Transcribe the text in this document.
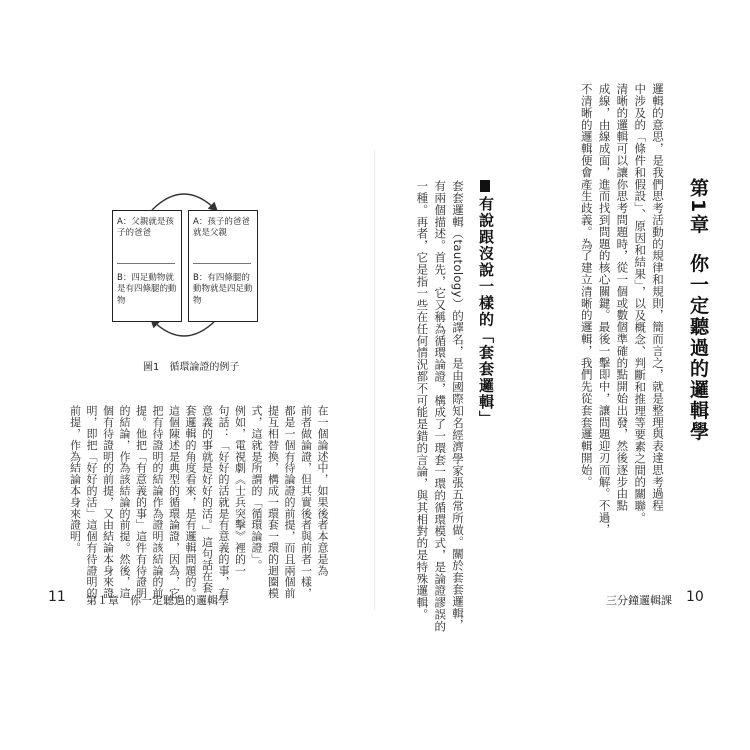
第1章你一定聽過的邏輯學
邏輯的意思，是我們思考活動的規律和規則，簡而言之，就是整理與表達思考過程
中涉及的「條件和假設」、原因和結果」，以及概念、判斷和推理等要素之間的關聯。
清晰的邏輯可以讓你思考問題時，從一個或數個準確的點開始出發，然後逐步由點
成線，由線成面，進而找到問題的核心關鍵。最後一擊即中，讓問題迎刃而解。不過，
不清晰的邏輯便會產生歧義。為了建立清晰的邏輯，我們先從套套邏輯開始。
有說跟沒說一樣的「套套邏輯」
套套邏輯（tautology）的譯名，是由國際知名經濟學家張五常所做。關於套套邏輯，
有兩個描述。首先，它又稱為循環論證，構成了一環套一環的循環模式，是論證謬誤的
一種。再者，它是指一些在任何情況都不可能是錯的言論，與其相對的是特殊邏輯。	三分鐘邏輯課 10
A：父親就是孩子的爸爸
B：四足動物就是有四條腿的動物
A：孩子的爸爸就是父親
B：有四條腿的動物就是四足動物
圖1　循環論證的例子
在一個論述中，如果後者本意是為
前者做論證，但其實後者與前者一樣，
都是一個有待論證的前提，而且兩個前
提互相替換，構成一環套一環的迴圈模
式，這就是所謂的「循環論證」。
例如，電視劇《士兵突擊》裡的一
句話：「好好的活就是有意義的事，有
意義的事就是好好的活。」這句話在套
套邏輯的角度看來，是有邏輯問題的。
這個陳述是典型的循環論證，因為，它
把有待證明的結論作為證明該結論的前
提。他把「有意義的事」這件有待證明
的結論，作為該結論的前提。然後，這
個有待證明的前提，又由結論本身來證
明，即把「好好的活」這個有待證明的
前提，作為結論本身來證明。
11 第１章　你一定聽過的邏輯學
